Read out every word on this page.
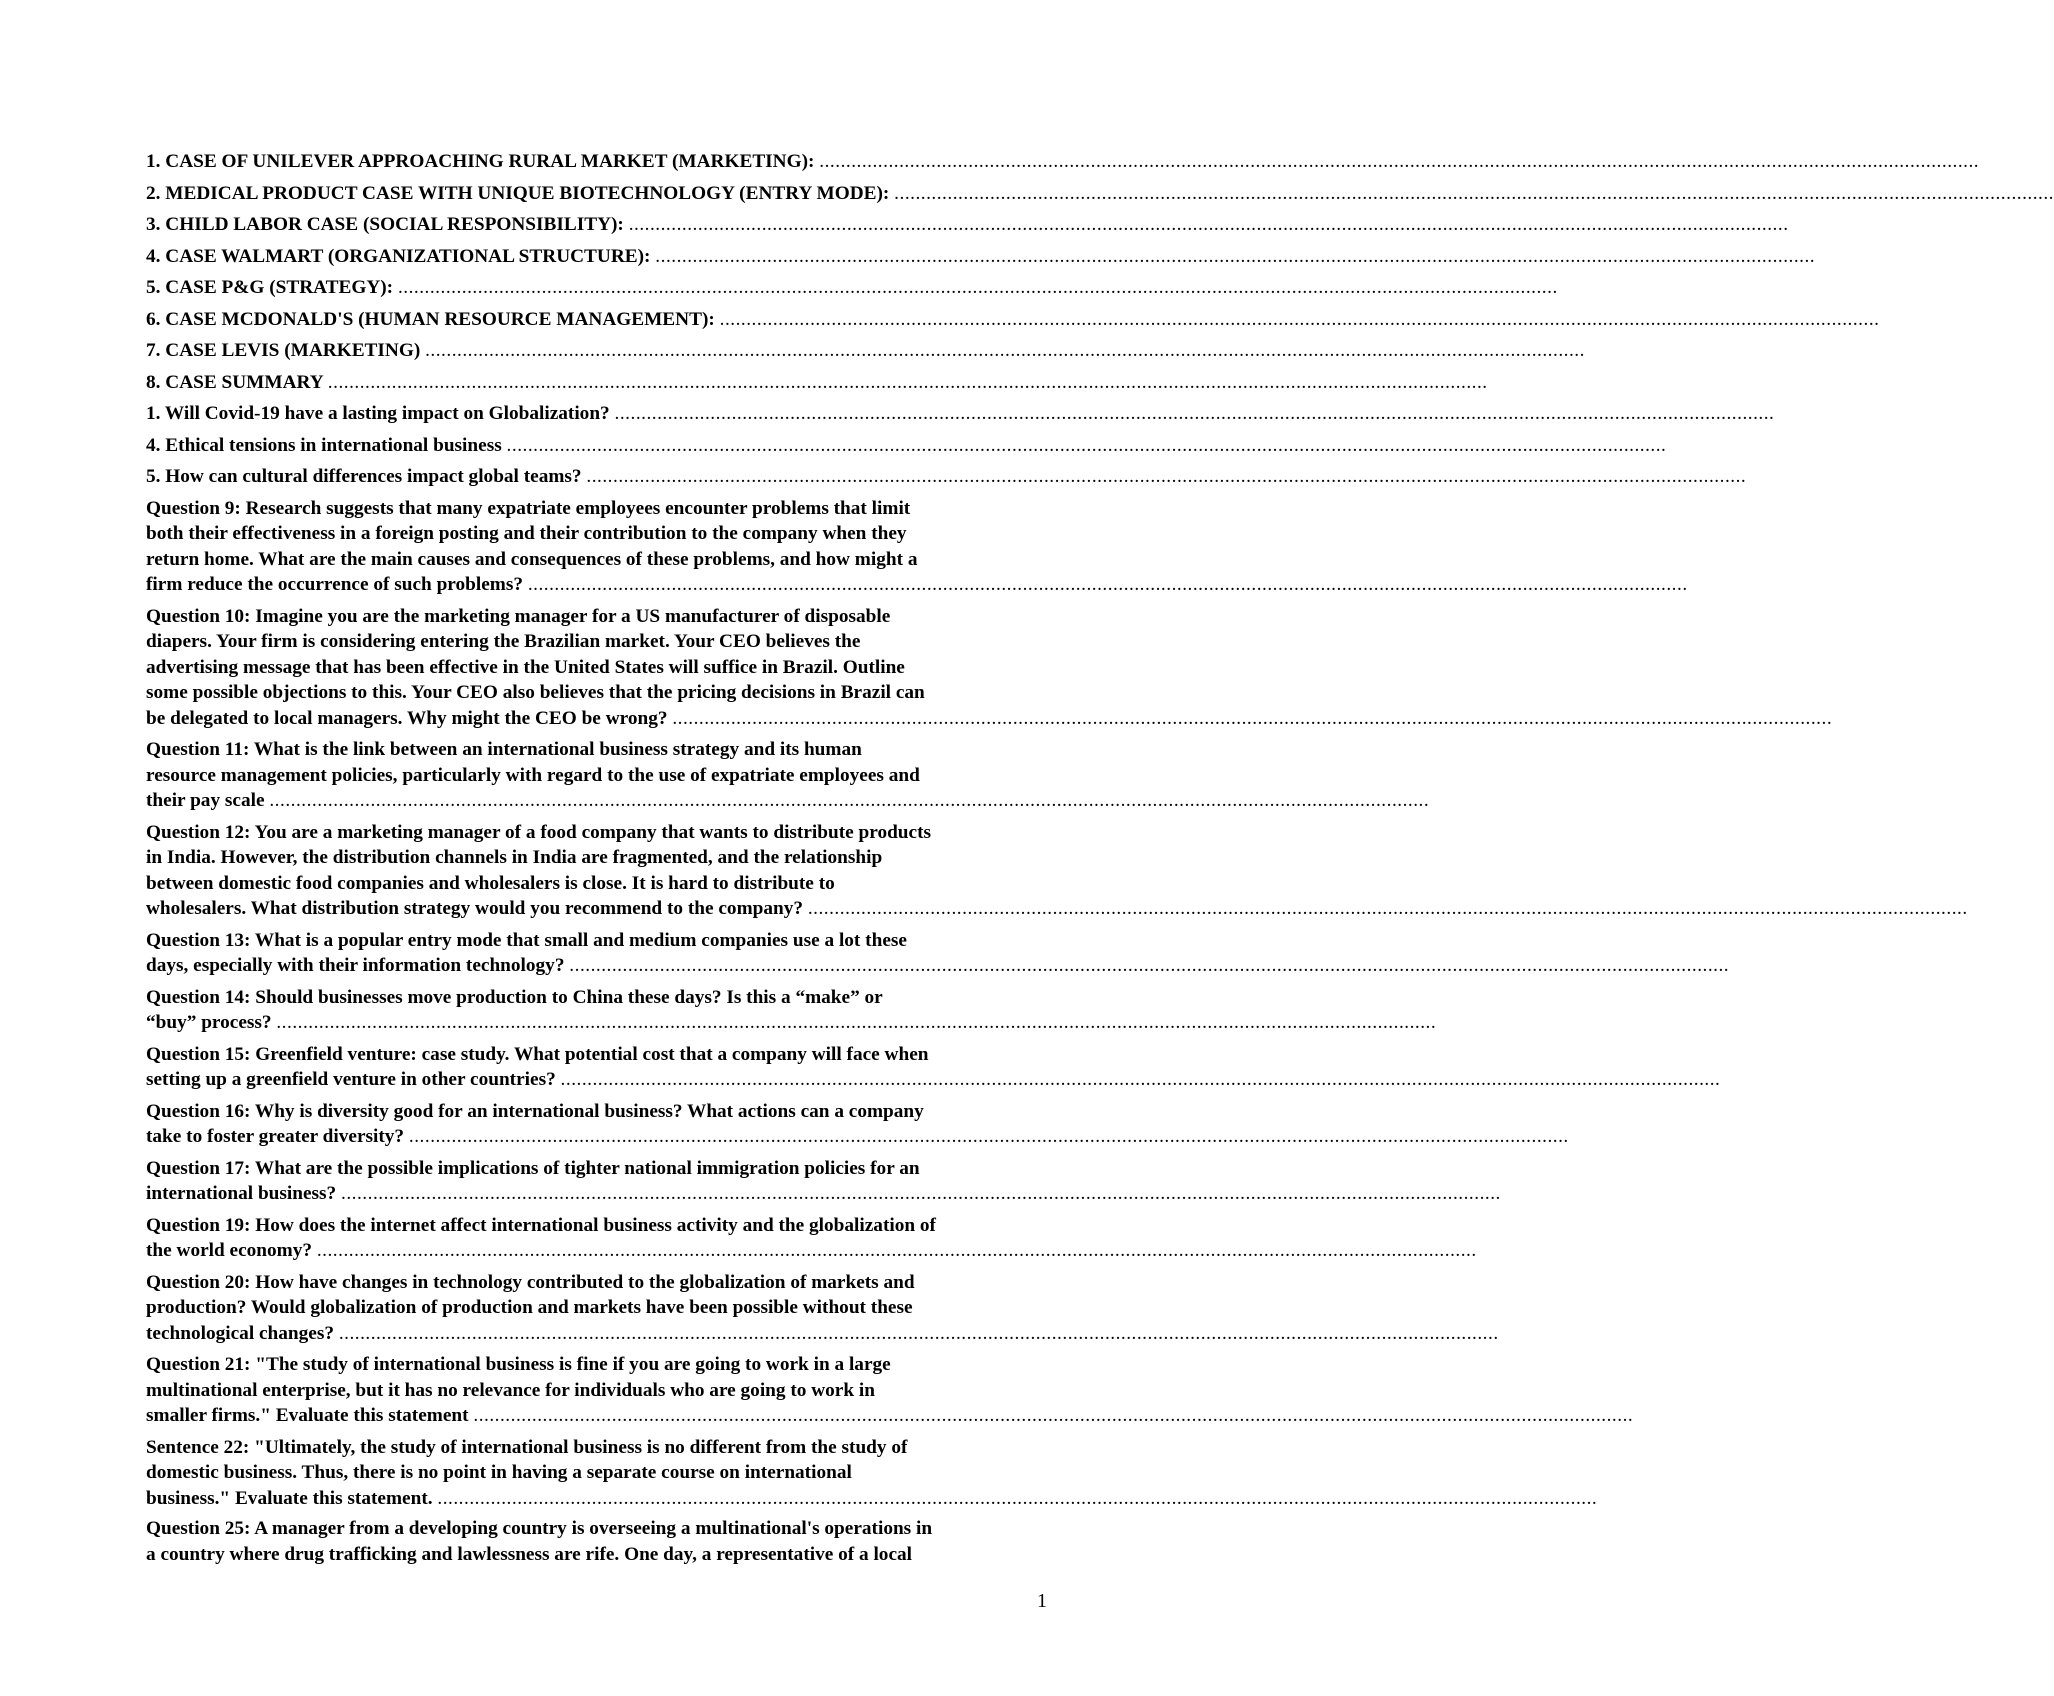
1. CASE OF UNILEVER APPROACHING RURAL MARKET (MARKETING): ..........................................................................................................................................................................................................................
2. MEDICAL PRODUCT CASE WITH UNIQUE BIOTECHNOLOGY (ENTRY MODE): ..........................................................................................................................................................................................................................
3. CHILD LABOR CASE (SOCIAL RESPONSIBILITY): ..........................................................................................................................................................................................................................
4. CASE WALMART (ORGANIZATIONAL STRUCTURE): ..........................................................................................................................................................................................................................
5. CASE P&G (STRATEGY): ..........................................................................................................................................................................................................................
6. CASE MCDONALD'S (HUMAN RESOURCE MANAGEMENT): ..........................................................................................................................................................................................................................
7. CASE LEVIS (MARKETING) ..........................................................................................................................................................................................................................
8. CASE SUMMARY ..........................................................................................................................................................................................................................
1. Will Covid-19 have a lasting impact on Globalization? ..........................................................................................................................................................................................................................
4. Ethical tensions in international business ..........................................................................................................................................................................................................................
5. How can cultural differences impact global teams? ..........................................................................................................................................................................................................................
Question 9: Research suggests that many expatriate employees encounter problems that limit
both their effectiveness in a foreign posting and their contribution to the company when they
return home. What are the main causes and consequences of these problems, and how might a
firm reduce the occurrence of such problems? ..........................................................................................................................................................................................................................
Question 10: Imagine you are the marketing manager for a US manufacturer of disposable
diapers. Your firm is considering entering the Brazilian market. Your CEO believes the
advertising message that has been effective in the United States will suffice in Brazil. Outline
some possible objections to this. Your CEO also believes that the pricing decisions in Brazil can
be delegated to local managers. Why might the CEO be wrong? ..........................................................................................................................................................................................................................
Question 11: What is the link between an international business strategy and its human
resource management policies, particularly with regard to the use of expatriate employees and
their pay scale ..........................................................................................................................................................................................................................
Question 12: You are a marketing manager of a food company that wants to distribute products
in India. However, the distribution channels in India are fragmented, and the relationship
between domestic food companies and wholesalers is close. It is hard to distribute to
wholesalers. What distribution strategy would you recommend to the company? ..........................................................................................................................................................................................................................
Question 13: What is a popular entry mode that small and medium companies use a lot these
days, especially with their information technology? ..........................................................................................................................................................................................................................
Question 14: Should businesses move production to China these days? Is this a “make” or
“buy” process? ..........................................................................................................................................................................................................................
Question 15: Greenfield venture: case study. What potential cost that a company will face when
setting up a greenfield venture in other countries? ..........................................................................................................................................................................................................................
Question 16: Why is diversity good for an international business? What actions can a company
take to foster greater diversity? ..........................................................................................................................................................................................................................
Question 17: What are the possible implications of tighter national immigration policies for an
international business? ..........................................................................................................................................................................................................................
Question 19: How does the internet affect international business activity and the globalization of
the world economy? ..........................................................................................................................................................................................................................
Question 20: How have changes in technology contributed to the globalization of markets and
production? Would globalization of production and markets have been possible without these
technological changes? ..........................................................................................................................................................................................................................
Question 21: "The study of international business is fine if you are going to work in a large
multinational enterprise, but it has no relevance for individuals who are going to work in
smaller firms." Evaluate this statement ..........................................................................................................................................................................................................................
Sentence 22: "Ultimately, the study of international business is no different from the study of
domestic business. Thus, there is no point in having a separate course on international
business." Evaluate this statement. ..........................................................................................................................................................................................................................
Question 25: A manager from a developing country is overseeing a multinational's operations in
a country where drug trafficking and lawlessness are rife. One day, a representative of a local
1
